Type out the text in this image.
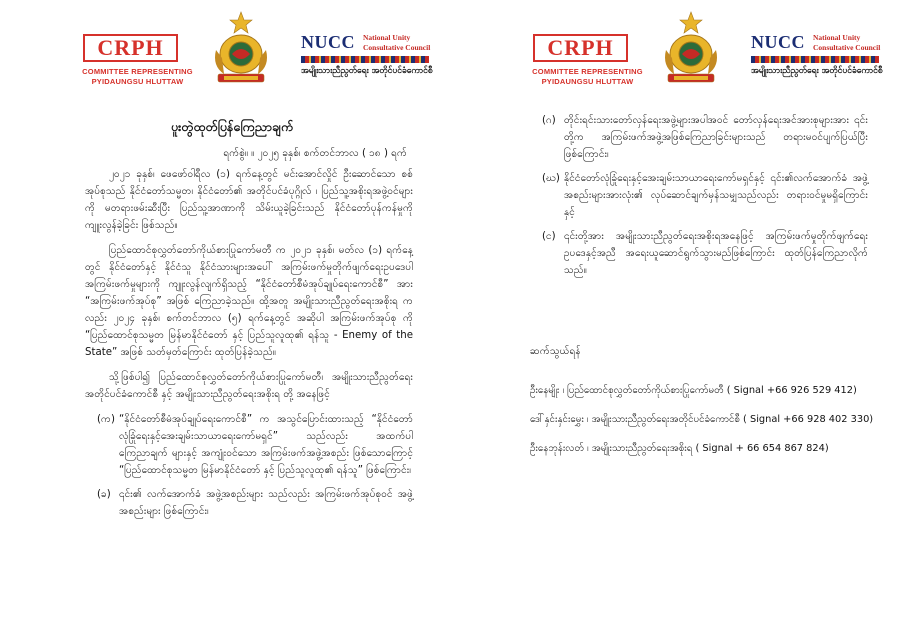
CRPH
COMMITTEE REPRESENTING
PYIDAUNGSU HLUTTAW
NUCC National Unity
Consultative Council
အမျိုးသားညီညွတ်ရေး အတိုင်ပင်ခံကောင်စီ
ပူးတွဲထုတ်ပြန်ကြေညာချက်
ရက်စွဲ။ ။ ၂၀၂၅ ခုနှစ်၊ စက်တင်ဘာလ ( ၁၈ ) ရက်

၂၀၂၁ ခုနှစ်၊ ဖေဖော်ဝါရီလ (၁) ရက်နေ့တွင် မင်းအောင်လှိုင် ဦးဆောင်သော စစ်အုပ်စုသည် နိုင်ငံတော်သမ္မတ၊ နိုင်ငံတော်၏ အတိုင်ပင်ခံပုဂ္ဂိုလ် ၊ ပြည်သူ့အစိုးရအဖွဲ့ဝင်များကို မတရားဖမ်းဆီးပြီး ပြည်သူ့အာဏာကို သိမ်းယူခဲ့ခြင်းသည် နိုင်ငံတော်ပုန်ကန်မှုကို ကျူးလွန်ခဲ့ခြင်း ဖြစ်သည်။

ပြည်ထောင်စုလွှတ်တော်ကိုယ်စားပြုကော်မတီ က ၂၀၂၁ ခုနှစ်၊ မတ်လ (၁) ရက်နေ့တွင် နိုင်ငံတော်နှင့် နိုင်ငံသူ နိုင်ငံသားများအပေါ် အကြမ်းဖက်မှုတိုက်ဖျက်ရေးဥပဒေပါ အကြမ်းဖက်မှုများကို ကျူးလွန်လျက်ရှိသည့် “နိုင်ငံတော်စီမံအုပ်ချုပ်ရေးကောင်စီ” အား “အကြမ်းဖက်အုပ်စု” အဖြစ် ကြေညာခဲ့သည်။ ထို့အတူ အမျိုးသားညီညွတ်ရေးအစိုးရ ကလည်း ၂၀၂၄ ခုနှစ်၊ စက်တင်ဘာလ (၅) ရက်နေ့တွင် အဆိုပါ အကြမ်းဖက်အုပ်စု ကို “ပြည်ထောင်စုသမ္မတ မြန်မာနိုင်ငံတော် နှင့် ပြည်သူလူထု၏ ရန်သူ - Enemy of the State” အဖြစ် သတ်မှတ်ကြောင်း ထုတ်ပြန်ခဲ့သည်။

သို့ဖြစ်ပါ၍ ပြည်ထောင်စုလွှတ်တော်ကိုယ်စားပြုကော်မတီ၊ အမျိုးသားညီညွတ်ရေး အတိုင်ပင်ခံကောင်စီ နှင့် အမျိုးသားညီညွတ်ရေးအစိုးရ တို့ အနေဖြင့်

(က) “နိုင်ငံတော်စီမံအုပ်ချုပ်ရေးကောင်စီ” က အသွင်ပြောင်းထားသည့် “နိုင်ငံတော်လုံခြုံရေးနှင့်အေးချမ်းသာယာရေးကော်မရှင်” သည်လည်း အထက်ပါ ကြေညာချက် များနှင့် အကျုံးဝင်သော အကြမ်းဖက်အဖွဲ့အစည်း ဖြစ်သောကြောင့် “ပြည်ထောင်စုသမ္မတ မြန်မာနိုင်ငံတော် နှင့် ပြည်သူလူထု၏ ရန်သူ” ဖြစ်ကြောင်း၊

(ခ) ၎င်း၏ လက်အောက်ခံ အဖွဲ့အစည်းများ သည်လည်း အကြမ်းဖက်အုပ်စုဝင် အဖွဲ့အစည်းများ ဖြစ်ကြောင်း၊

CRPH
COMMITTEE REPRESENTING
PYIDAUNGSU HLUTTAW
NUCC National Unity
Consultative Council
အမျိုးသားညီညွတ်ရေး အတိုင်ပင်ခံကောင်စီ

(ဂ) တိုင်းရင်းသားတော်လှန်ရေးအဖွဲ့များအပါအဝင် တော်လှန်ရေးအင်အားစုများအား ၎င်းတို့က အကြမ်းဖက်အဖွဲ့အဖြစ်ကြေညာခြင်းများသည် တရားမဝင်ပျက်ပြယ်ပြီး ဖြစ်ကြောင်း၊

(ဃ) နိုင်ငံတော်လုံခြုံရေးနှင့်အေးချမ်းသာယာရေးကော်မရှင်နှင့် ၎င်း၏လက်အောက်ခံ အဖွဲ့အစည်းများအားလုံး၏ လုပ်ဆောင်ချက်မှန်သမျှသည်လည်း တရားဝင်မှုမရှိကြောင်း နှင့်

(င) ၎င်းတို့အား အမျိုးသားညီညွတ်ရေးအစိုးရအနေဖြင့် အကြမ်းဖက်မှုတိုက်ဖျက်ရေး ဥပဒေနှင့်အညီ အရေးယူဆောင်ရွက်သွားမည်ဖြစ်ကြောင်း ထုတ်ပြန်ကြေညာလိုက်သည်။

ဆက်သွယ်ရန်
ဦးနေမျိုး ၊ ပြည်ထောင်စုလွှတ်တော်ကိုယ်စားပြုကော်မတီ ( Signal +66 926 529 412)
ဒေါ်နှင်းနှင်းမွှေး ၊ အမျိုးသားညီညွတ်ရေးအတိုင်ပင်ခံကောင်စီ ( Signal +66 928 402 330)
ဦးနေဘုန်းလတ် ၊ အမျိုးသားညီညွတ်ရေးအစိုးရ ( Signal + 66 654 867 824)
